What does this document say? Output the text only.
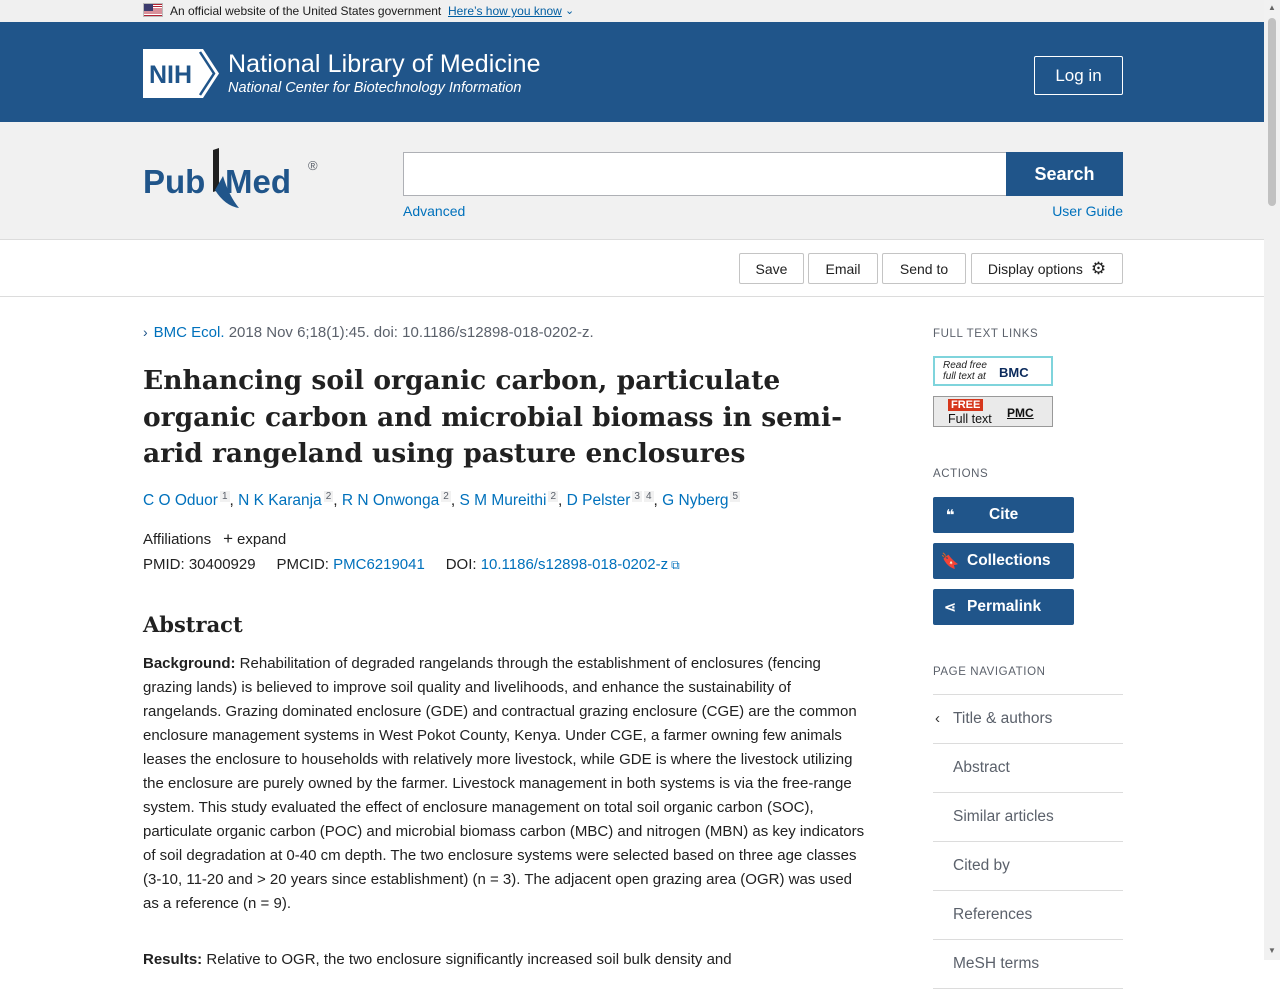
An official website of the United States government Here’s how you know ⌄
NIH National Library of Medicine
National Center for Biotechnology Information
Log in
Pub Med ®	Search
Advanced	User Guide
Save	Email	Send to	Display options ⚙
› BMC Ecol. 2018 Nov 6;18(1):45. doi: 10.1186/s12898-018-0202-z.
Enhancing soil organic carbon, particulate organic carbon and microbial biomass in semi-arid rangeland using pasture enclosures
C O Oduor $^1$ , N K Karanja $^2$ , R N Onwonga $^2$ , S M Mureithi $^2$ , D Pelster $^3$ $^4$ , G Nyberg $^5$
Affiliations + expand
PMID: 30400929 PMCID: PMC6219041 DOI: 10.1186/s12898-018-0202-z ⧉
Abstract

Background: Rehabilitation of degraded rangelands through the establishment of enclosures (fencing grazing lands) is believed to improve soil quality and livelihoods, and enhance the sustainability of rangelands. Grazing dominated enclosure (GDE) and contractual grazing enclosure (CGE) are the common enclosure management systems in West Pokot County, Kenya. Under CGE, a farmer owning few animals leases the enclosure to households with relatively more livestock, while GDE is where the livestock utilizing the enclosure are purely owned by the farmer. Livestock management in both systems is via the free-range system. This study evaluated the effect of enclosure management on total soil organic carbon (SOC), particulate organic carbon (POC) and microbial biomass carbon (MBC) and nitrogen (MBN) as key indicators of soil degradation at 0-40 cm depth. The two enclosure systems were selected based on three age classes (3-10, 11-20 and > 20 years since establishment) (n = 3). The adjacent open grazing area (OGR) was used as a reference (n = 9).

Results: Relative to OGR, the two enclosure significantly increased soil bulk density and

FULL TEXT LINKS
Read free
full text at BMC
FREE
Full text PMC
ACTIONS
❝	Cite
🔖 Collections
⋖ Permalink
PAGE NAVIGATION
‹ Title & authors
Abstract
Similar articles
Cited by
References
MeSH terms
▲
▼
